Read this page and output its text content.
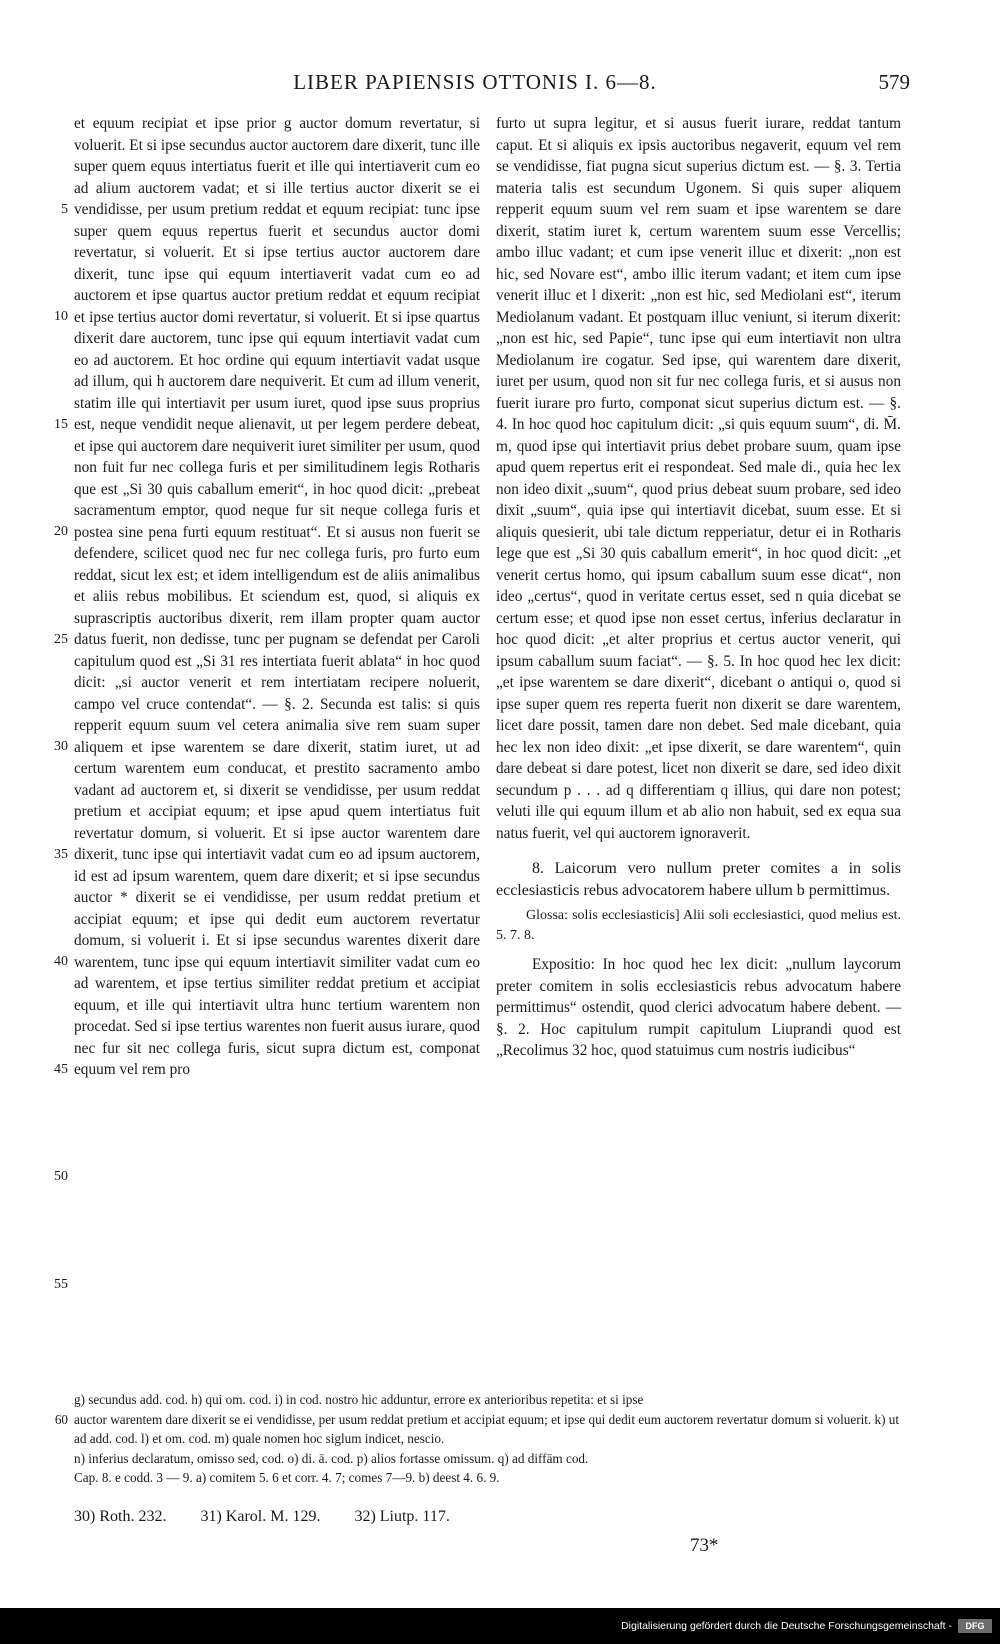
LIBER PAPIENSIS OTTONIS I. 6—8.	579
5
10
15
20
25
30
35
40
45
50
55

et equum recipiat et ipse prior g auctor domum revertatur, si voluerit. Et si ipse secundus auctor auctorem dare dixerit, tunc ille super quem equus intertiatus fuerit et ille qui intertiaverit cum eo ad alium auctorem vadat; et si ille tertius auctor dixerit se ei vendidisse, per usum pretium reddat et equum recipiat: tunc ipse super quem equus repertus fuerit et secundus auctor domi revertatur, si voluerit. Et si ipse tertius auctor auctorem dare dixerit, tunc ipse qui equum intertiaverit vadat cum eo ad auctorem et ipse quartus auctor pretium reddat et equum recipiat et ipse tertius auctor domi revertatur, si voluerit. Et si ipse quartus dixerit dare auctorem, tunc ipse qui equum intertiavit vadat cum eo ad auctorem. Et hoc ordine qui equum intertiavit vadat usque ad illum, qui h auctorem dare nequiverit. Et cum ad illum venerit, statim ille qui intertiavit per usum iuret, quod ipse suus proprius est, neque vendidit neque alienavit, ut per legem perdere debeat, et ipse qui auctorem dare nequiverit iuret similiter per usum, quod non fuit fur nec collega furis et per similitudinem legis Rotharis que est „Si 30 quis caballum emerit“, in hoc quod dicit: „prebeat sacramentum emptor, quod neque fur sit neque collega furis et postea sine pena furti equum restituat“. Et si ausus non fuerit se defendere, scilicet quod nec fur nec collega furis, pro furto eum reddat, sicut lex est; et idem intelligendum est de aliis animalibus et aliis rebus mobilibus. Et sciendum est, quod, si aliquis ex suprascriptis auctoribus dixerit, rem illam propter quam auctor datus fuerit, non dedisse, tunc per pugnam se defendat per Caroli capitulum quod est „Si 31 res intertiata fuerit ablata“ in hoc quod dicit: „si auctor venerit et rem intertiatam recipere noluerit, campo vel cruce contendat“. — §. 2. Secunda est talis: si quis repperit equum suum vel cetera animalia sive rem suam super aliquem et ipse warentem se dare dixerit, statim iuret, ut ad certum warentem eum conducat, et prestito sacramento ambo vadant ad auctorem et, si dixerit se vendidisse, per usum reddat pretium et accipiat equum; et ipse apud quem intertiatus fuit revertatur domum, si voluerit. Et si ipse auctor warentem dare dixerit, tunc ipse qui intertiavit vadat cum eo ad ipsum auctorem, id est ad ipsum warentem, quem dare dixerit; et si ipse secundus auctor * dixerit se ei vendidisse, per usum reddat pretium et accipiat equum; et ipse qui dedit eum auctorem revertatur domum, si voluerit i. Et si ipse secundus warentes dixerit dare warentem, tunc ipse qui equum intertiavit similiter vadat cum eo ad warentem, et ipse tertius similiter reddat pretium et accipiat equum, et ille qui intertiavit ultra hunc tertium warentem non procedat. Sed si ipse tertius warentes non fuerit ausus iurare, quod nec fur sit nec collega furis, sicut supra dictum est, componat equum vel rem pro

furto ut supra legitur, et si ausus fuerit iurare, reddat tantum caput. Et si aliquis ex ipsis auctoribus negaverit, equum vel rem se vendidisse, fiat pugna sicut superius dictum est. — §. 3. Tertia materia talis est secundum Ugonem. Si quis super aliquem repperit equum suum vel rem suam et ipse warentem se dare dixerit, statim iuret k, certum warentem suum esse Vercellis; ambo illuc vadant; et cum ipse venerit illuc et dixerit: „non est hic, sed Novare est“, ambo illic iterum vadant; et item cum ipse venerit illuc et l dixerit: „non est hic, sed Mediolani est“, iterum Mediolanum vadant. Et postquam illuc veniunt, si iterum dixerit: „non est hic, sed Papie“, tunc ipse qui eum intertiavit non ultra Mediolanum ire cogatur. Sed ipse, qui warentem dare dixerit, iuret per usum, quod non sit fur nec collega furis, et si ausus non fuerit iurare pro furto, componat sicut superius dictum est. — §. 4. In hoc quod hoc capitulum dicit: „si quis equum suum“, di. M̄. m, quod ipse qui intertiavit prius debet probare suum, quam ipse apud quem repertus erit ei respondeat. Sed male di., quia hec lex non ideo dixit „suum“, quod prius debeat suum probare, sed ideo dixit „suum“, quia ipse qui intertiavit dicebat, suum esse. Et si aliquis quesierit, ubi tale dictum repperiatur, detur ei in Rotharis lege que est „Si 30 quis caballum emerit“, in hoc quod dicit: „et venerit certus homo, qui ipsum caballum suum esse dicat“, non ideo „certus“, quod in veritate certus esset, sed n quia dicebat se certum esse; et quod ipse non esset certus, inferius declaratur in hoc quod dicit: „et alter proprius et certus auctor venerit, qui ipsum caballum suum faciat“. — §. 5. In hoc quod hec lex dicit: „et ipse warentem se dare dixerit“, dicebant o antiqui o, quod si ipse super quem res reperta fuerit non dixerit se dare warentem, licet dare possit, tamen dare non debet. Sed male dicebant, quia hec lex non ideo dixit: „et ipse dixerit, se dare warentem“, quin dare debeat si dare potest, licet non dixerit se dare, sed ideo dixit secundum p . . . ad q differentiam q illius, qui dare non potest; veluti ille qui equum illum et ab alio non habuit, sed ex equa sua natus fuerit, vel qui auctorem ignoraverit.

8. Laicorum vero nullum preter comites a in solis ecclesiasticis rebus advocatorem habere ullum b permittimus.

Glossa: solis ecclesiasticis] Alii soli ecclesiastici, quod melius est. 5. 7. 8.

Expositio: In hoc quod hec lex dicit: „nullum laycorum preter comitem in solis ecclesiasticis rebus advocatum habere permittimus“ ostendit, quod clerici advocatum habere debent. — §. 2. Hoc capitulum rumpit capitulum Liuprandi quod est „Recolimus 32 hoc, quod statuimus cum nostris iudicibus“

g) secundus add. cod. h) qui om. cod. i) in cod. nostro hic adduntur, errore ex anterioribus repetita: et si ipse
60 auctor warentem dare dixerit se ei vendidisse, per usum reddat pretium et accipiat equum; et ipse qui dedit eum auctorem revertatur domum si voluerit. k) ut ad add. cod. l) et om. cod. m) quale nomen hoc siglum indicet, nescio.
n) inferius declaratum, omisso sed, cod. o) di. ā. cod. p) alios fortasse omissum. q) ad diffām cod.
Cap. 8. e codd. 3 — 9. a) comitem 5. 6 et corr. 4. 7; comes 7—9. b) deest 4. 6. 9.
30) Roth. 232. 31) Karol. M. 129. 32) Liutp. 117.
73*
Digitalisierung gefördert durch die Deutsche Forschungsgemeinschaft -	DFG
